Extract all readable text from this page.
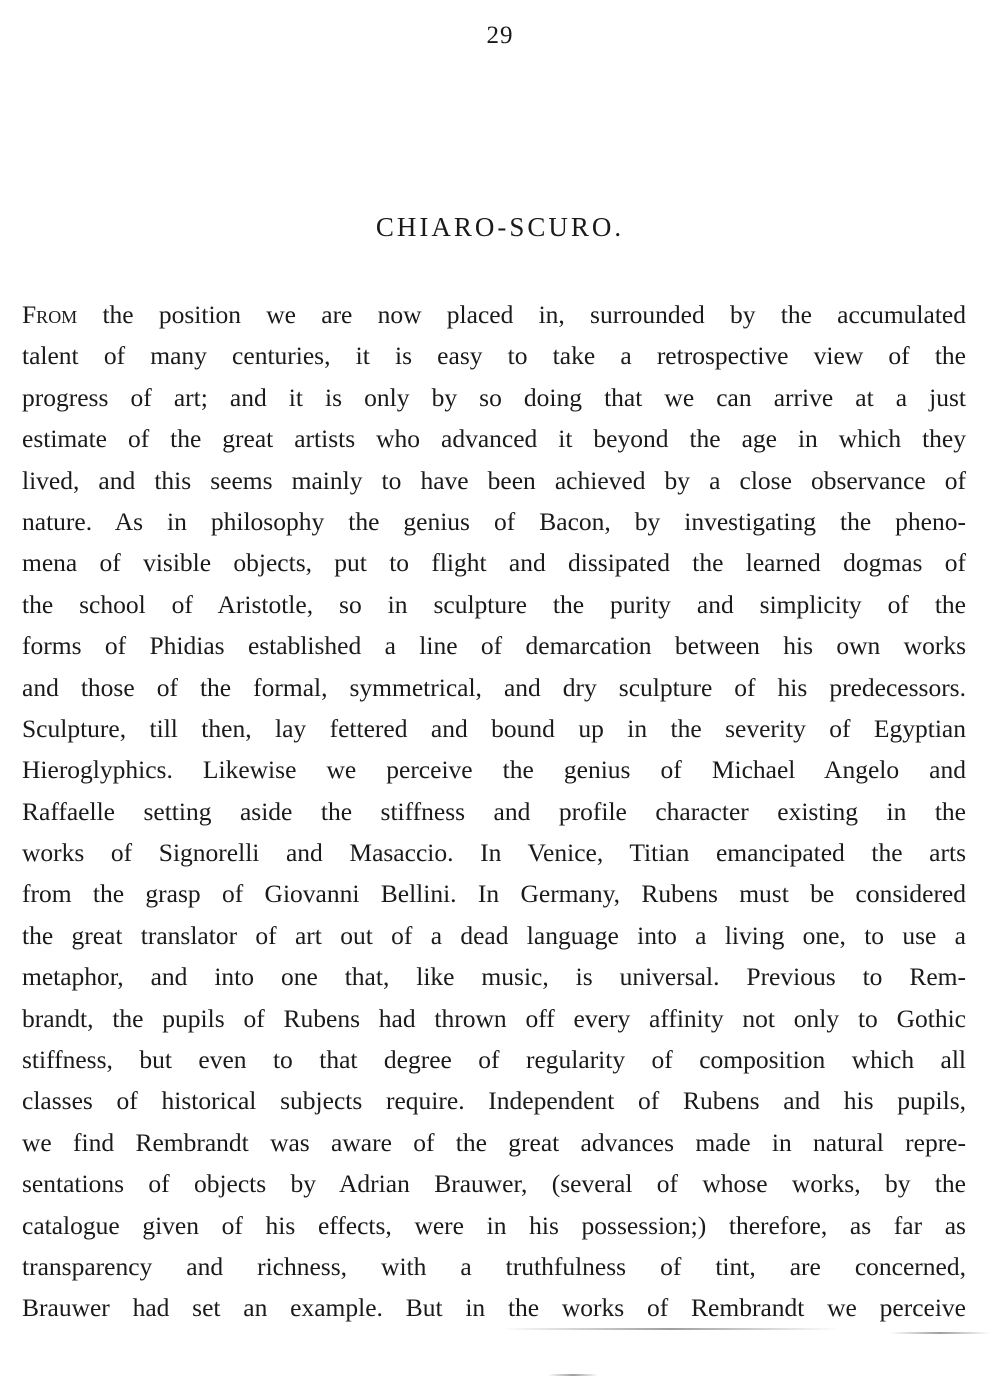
29
CHIARO-SCURO.
From the position we are now placed in, surrounded by the accumulated
talent of many centuries, it is easy to take a retrospective view of the
progress of art; and it is only by so doing that we can arrive at a just
estimate of the great artists who advanced it beyond the age in which they
lived, and this seems mainly to have been achieved by a close observance of
nature. As in philosophy the genius of Bacon, by investigating the pheno-
mena of visible objects, put to flight and dissipated the learned dogmas of
the school of Aristotle, so in sculpture the purity and simplicity of the
forms of Phidias established a line of demarcation between his own works
and those of the formal, symmetrical, and dry sculpture of his predecessors.
Sculpture, till then, lay fettered and bound up in the severity of Egyptian
Hieroglyphics. Likewise we perceive the genius of Michael Angelo and
Raffaelle setting aside the stiffness and profile character existing in the
works of Signorelli and Masaccio. In Venice, Titian emancipated the arts
from the grasp of Giovanni Bellini. In Germany, Rubens must be considered
the great translator of art out of a dead language into a living one, to use a
metaphor, and into one that, like music, is universal. Previous to Rem-
brandt, the pupils of Rubens had thrown off every affinity not only to Gothic
stiffness, but even to that degree of regularity of composition which all
classes of historical subjects require. Independent of Rubens and his pupils,
we find Rembrandt was aware of the great advances made in natural repre-
sentations of objects by Adrian Brauwer, (several of whose works, by the
catalogue given of his effects, were in his possession;) therefore, as far as
transparency and richness, with a truthfulness of tint, are concerned,
Brauwer had set an example. But in the works of Rembrandt we perceive
